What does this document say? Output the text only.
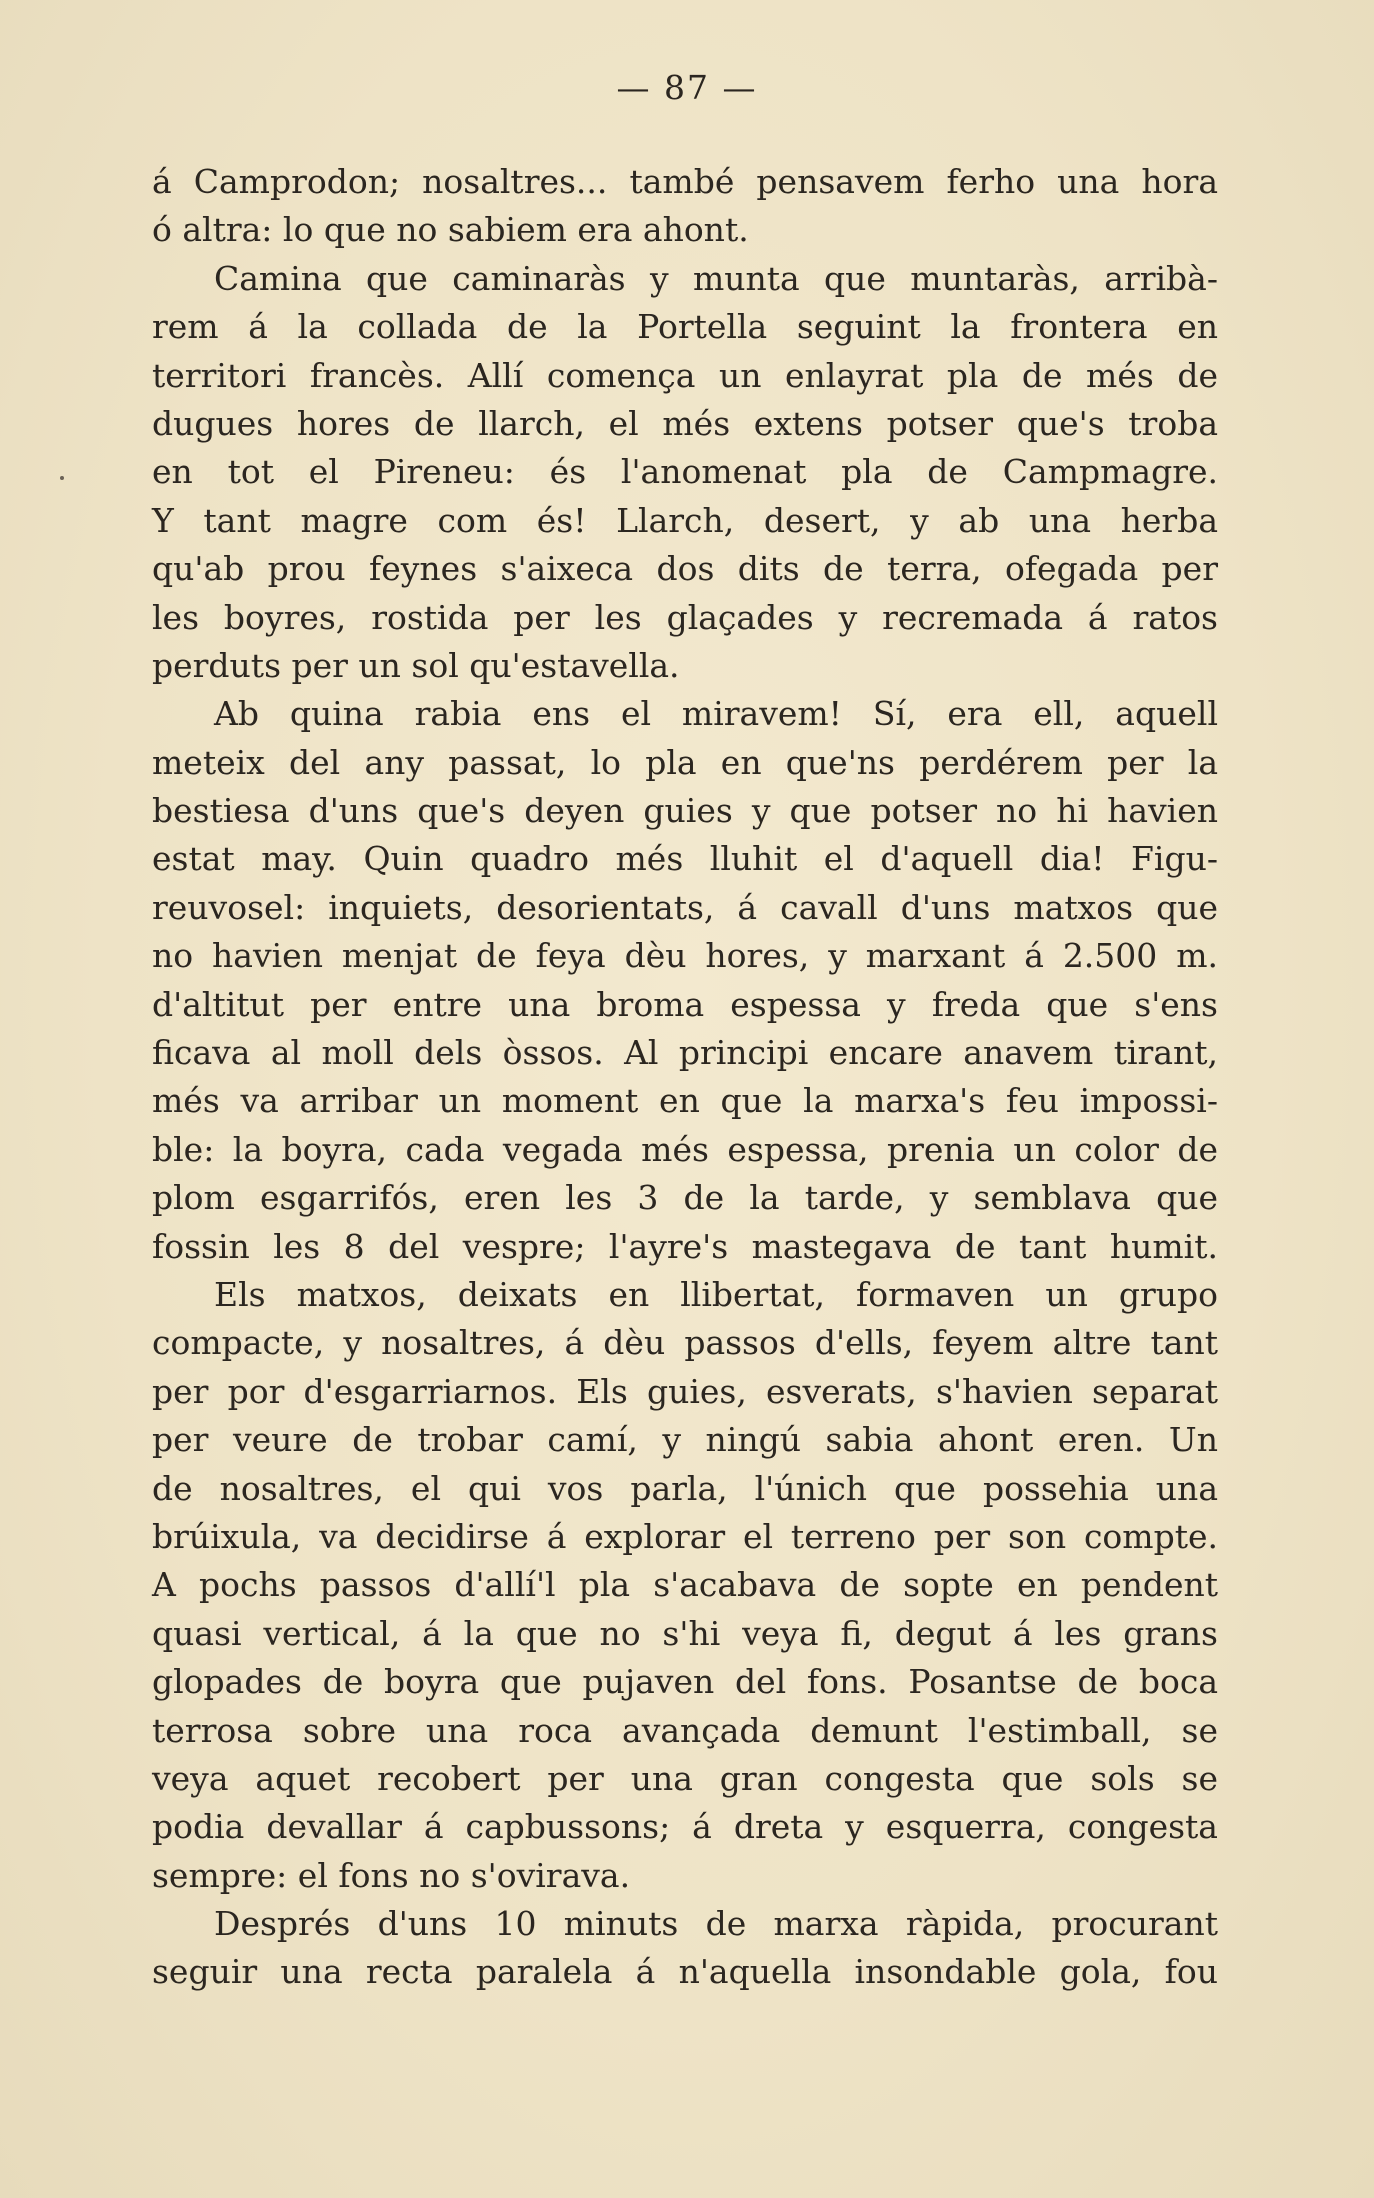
— 87 —
á Camprodon; nosaltres... també pensavem ferho una hora
ó altra: lo que no sabiem era ahont.
Camina que caminaràs y munta que muntaràs, arribà-
rem á la collada de la Portella seguint la frontera en
territori francès. Allí comença un enlayrat pla de més de
dugues hores de llarch, el més extens potser que's troba
en tot el Pireneu: és l'anomenat pla de Campmagre.
Y tant magre com és! Llarch, desert, y ab una herba
qu'ab prou feynes s'aixeca dos dits de terra, ofegada per
les boyres, rostida per les glaçades y recremada á ratos
perduts per un sol qu'estavella.
Ab quina rabia ens el miravem! Sí, era ell, aquell
meteix del any passat, lo pla en que'ns perdérem per la
bestiesa d'uns que's deyen guies y que potser no hi havien
estat may. Quin quadro més lluhit el d'aquell dia! Figu-
reuvosel: inquiets, desorientats, á cavall d'uns matxos que
no havien menjat de feya dèu hores, y marxant á 2.500 m.
d'altitut per entre una broma espessa y freda que s'ens
ficava al moll dels òssos. Al principi encare anavem tirant,
més va arribar un moment en que la marxa's feu impossi-
ble: la boyra, cada vegada més espessa, prenia un color de
plom esgarrifós, eren les 3 de la tarde, y semblava que
fossin les 8 del vespre; l'ayre's mastegava de tant humit.
Els matxos, deixats en llibertat, formaven un grupo
compacte, y nosaltres, á dèu passos d'ells, feyem altre tant
per por d'esgarriarnos. Els guies, esverats, s'havien separat
per veure de trobar camí, y ningú sabia ahont eren. Un
de nosaltres, el qui vos parla, l'únich que possehia una
brúixula, va decidirse á explorar el terreno per son compte.
A pochs passos d'allí'l pla s'acabava de sopte en pendent
quasi vertical, á la que no s'hi veya fi, degut á les grans
glopades de boyra que pujaven del fons. Posantse de boca
terrosa sobre una roca avançada demunt l'estimball, se
veya aquet recobert per una gran congesta que sols se
podia devallar á capbussons; á dreta y esquerra, congesta
sempre: el fons no s'ovirava.
Després d'uns 10 minuts de marxa ràpida, procurant
seguir una recta paralela á n'aquella insondable gola, fou
